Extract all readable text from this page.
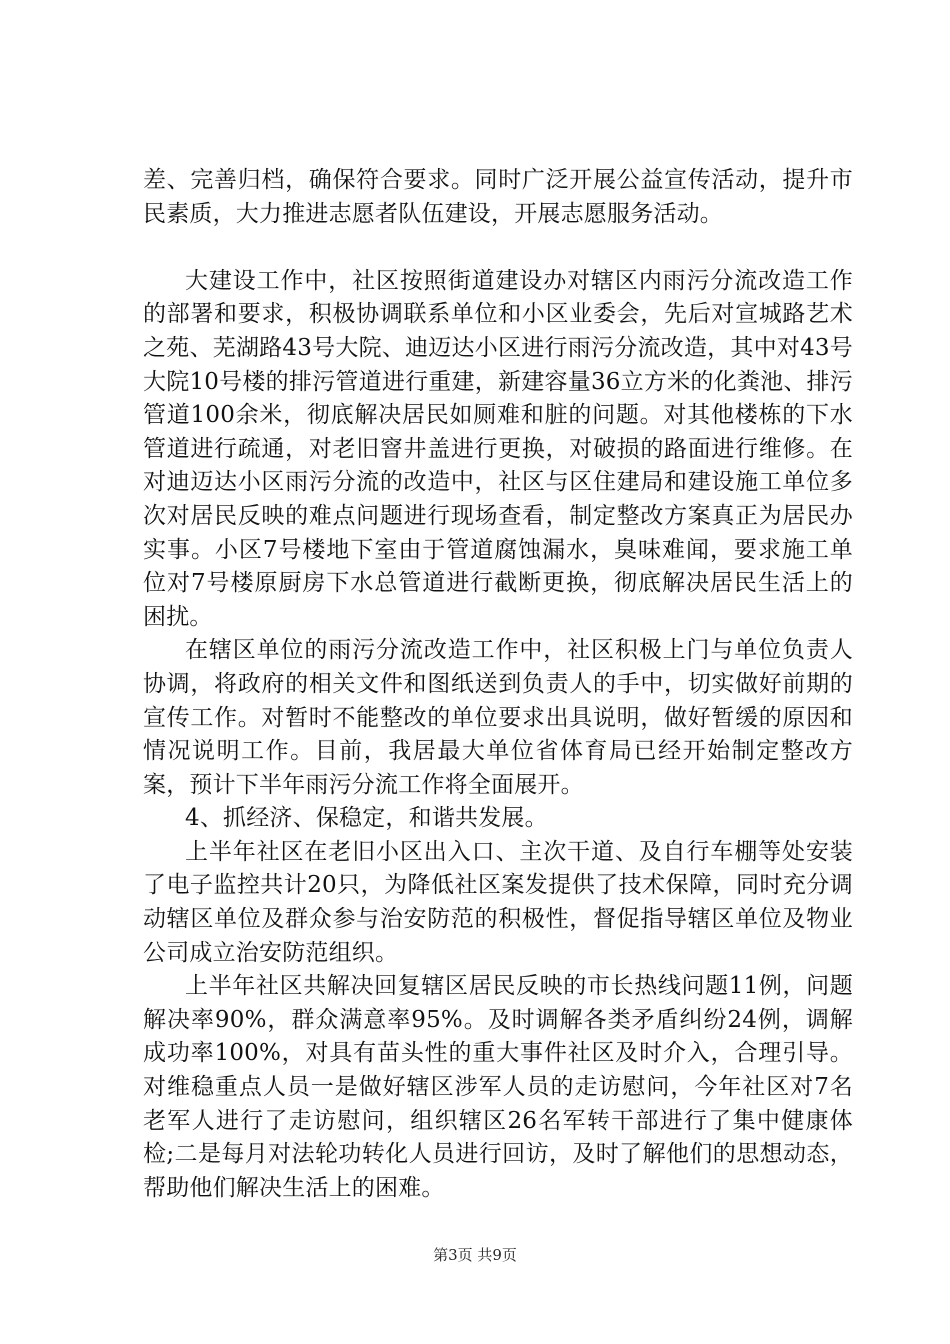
差、完善归档，确保符合要求。同时广泛开展公益宣传活动，提升市民素质，大力推进志愿者队伍建设，开展志愿服务活动。

大建设工作中，社区按照街道建设办对辖区内雨污分流改造工作的部署和要求，积极协调联系单位和小区业委会，先后对宣城路艺术之苑、芜湖路43号大院、迪迈达小区进行雨污分流改造，其中对43号大院10号楼的排污管道进行重建，新建容量36立方米的化粪池、排污管道100余米，彻底解决居民如厕难和脏的问题。对其他楼栋的下水管道进行疏通，对老旧窨井盖进行更换，对破损的路面进行维修。在对迪迈达小区雨污分流的改造中，社区与区住建局和建设施工单位多次对居民反映的难点问题进行现场查看，制定整改方案真正为居民办实事。小区7号楼地下室由于管道腐蚀漏水，臭味难闻，要求施工单位对7号楼原厨房下水总管道进行截断更换，彻底解决居民生活上的困扰。

在辖区单位的雨污分流改造工作中，社区积极上门与单位负责人协调，将政府的相关文件和图纸送到负责人的手中，切实做好前期的宣传工作。对暂时不能整改的单位要求出具说明，做好暂缓的原因和情况说明工作。目前，我居最大单位省体育局已经开始制定整改方案，预计下半年雨污分流工作将全面展开。

4、抓经济、保稳定，和谐共发展。

上半年社区在老旧小区出入口、主次干道、及自行车棚等处安装了电子监控共计20只，为降低社区案发提供了技术保障，同时充分调动辖区单位及群众参与治安防范的积极性，督促指导辖区单位及物业公司成立治安防范组织。

上半年社区共解决回复辖区居民反映的市长热线问题11例，问题解决率90%，群众满意率95%。及时调解各类矛盾纠纷24例，调解成功率100%，对具有苗头性的重大事件社区及时介入，合理引导。对维稳重点人员一是做好辖区涉军人员的走访慰问，今年社区对7名老军人进行了走访慰问，组织辖区26名军转干部进行了集中健康体检;二是每月对法轮功转化人员进行回访，及时了解他们的思想动态，帮助他们解决生活上的困难。

第3页 共9页
